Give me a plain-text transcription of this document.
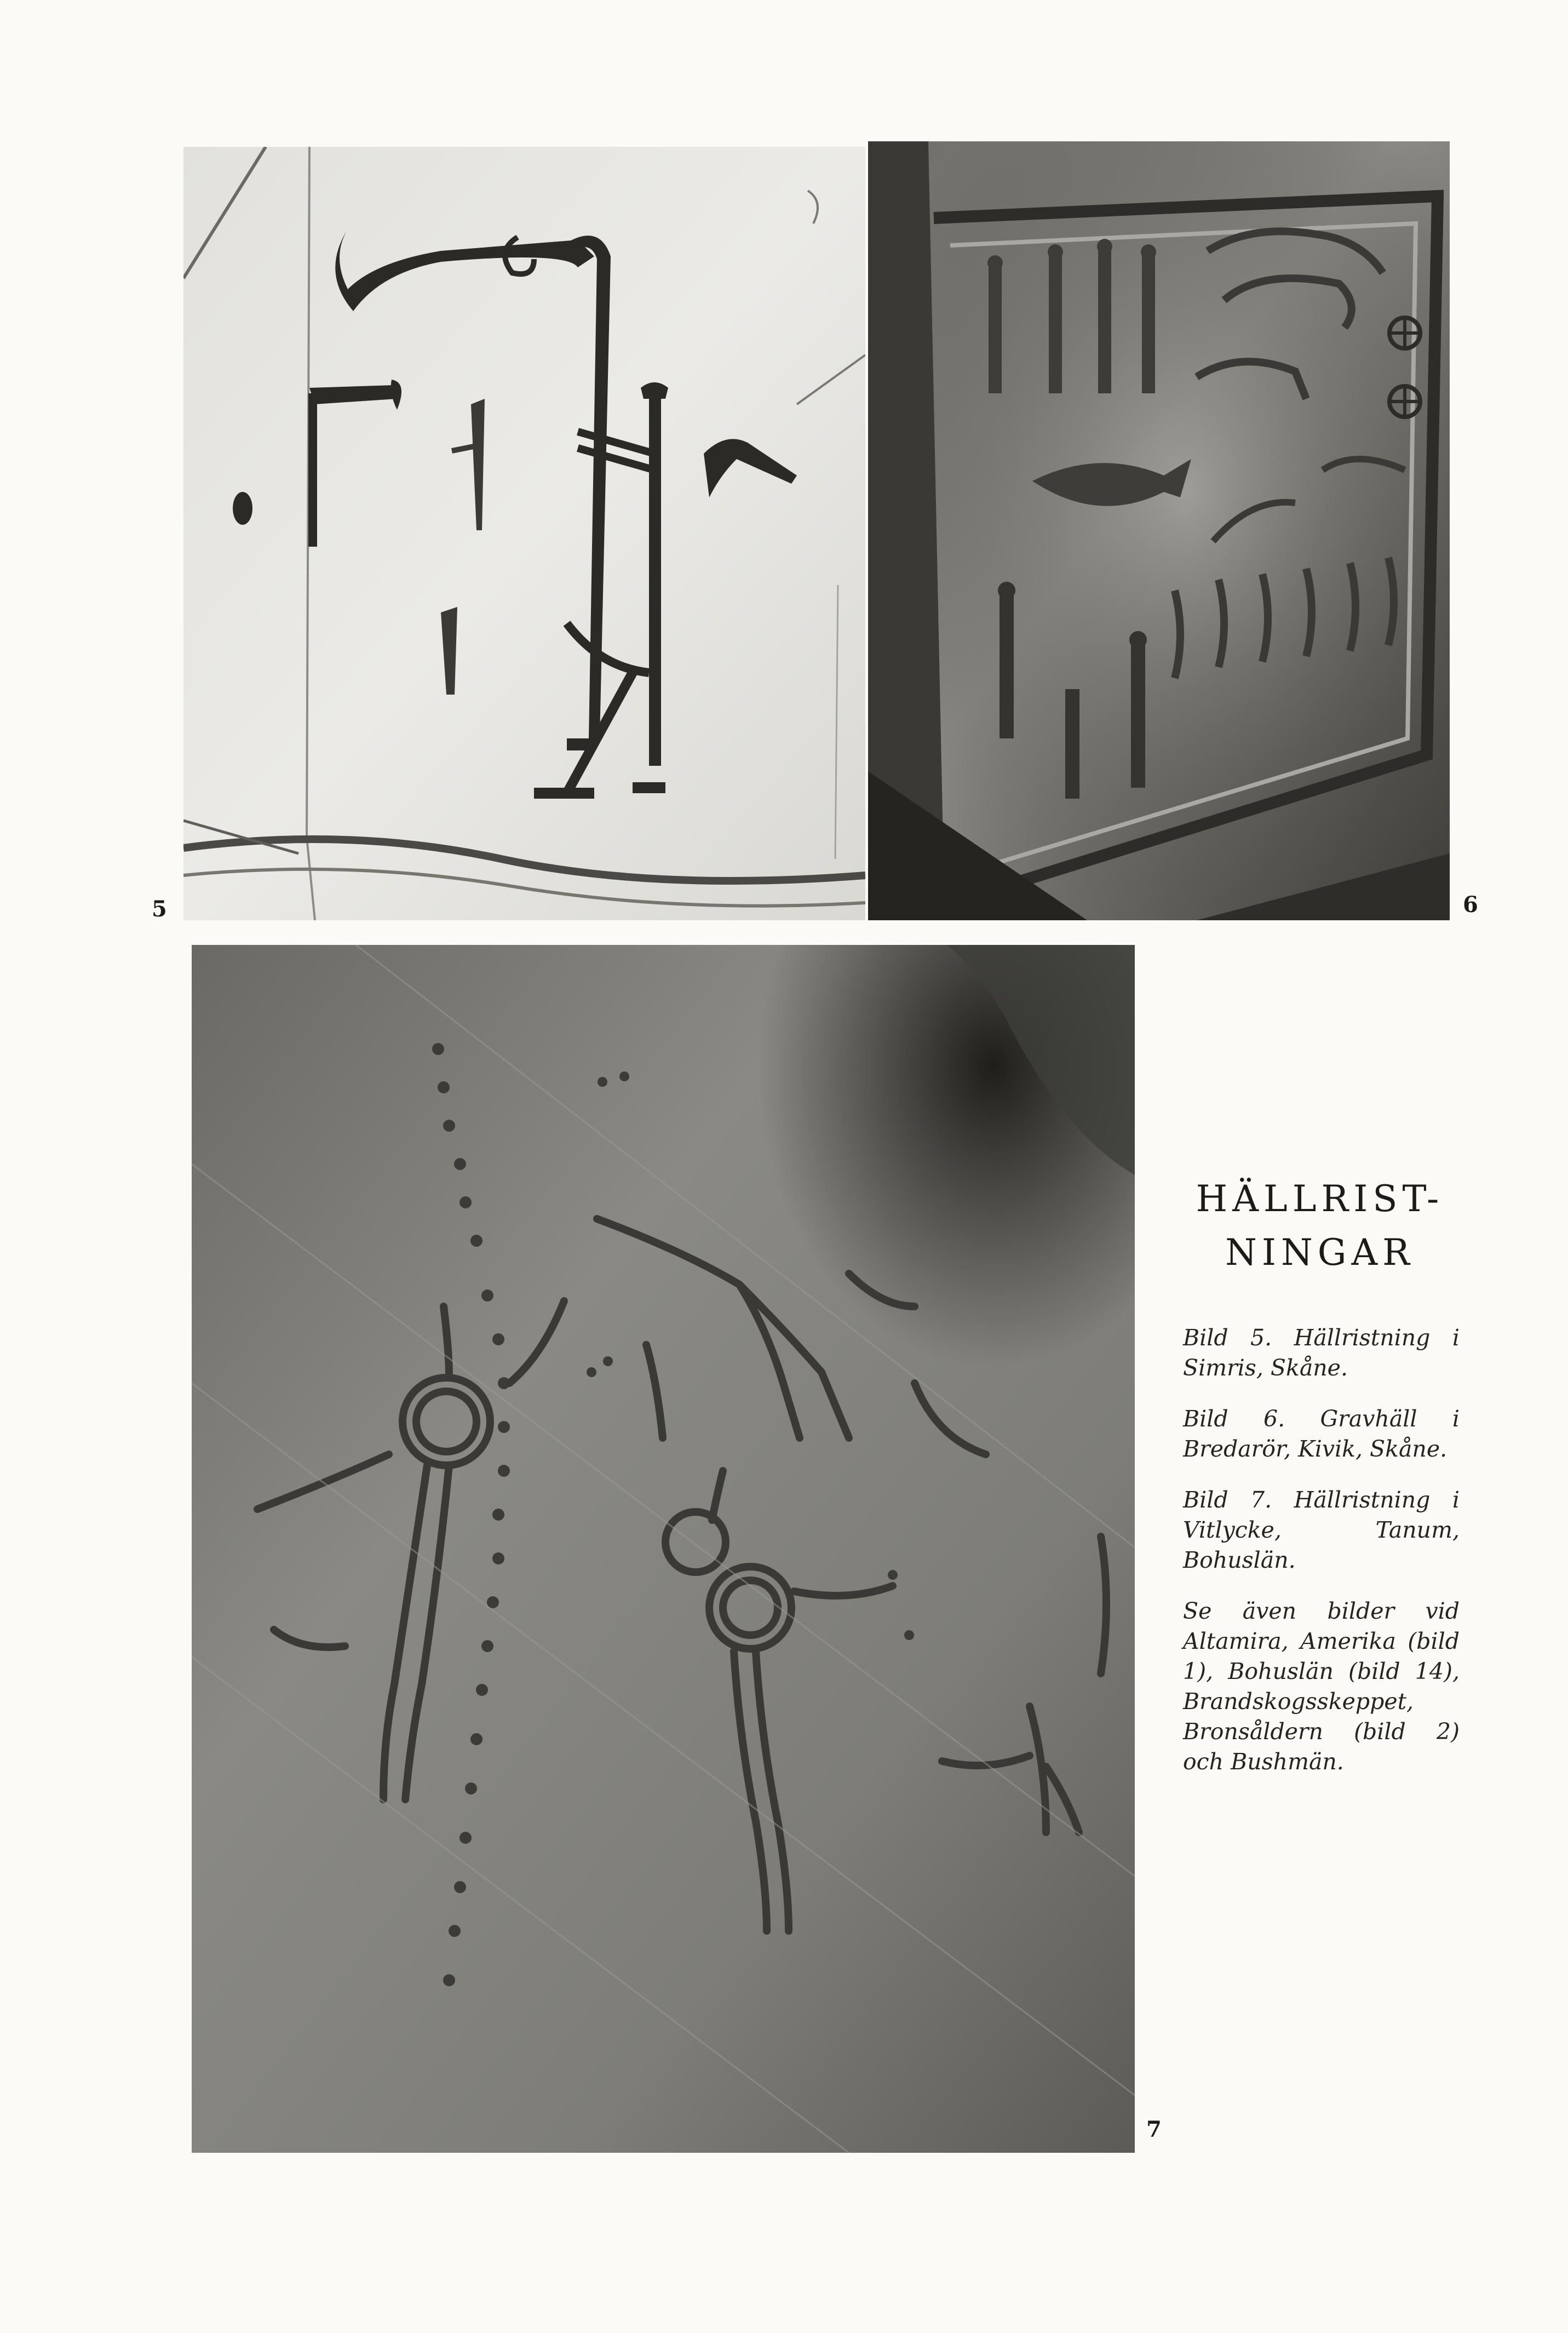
5	6
7
HÄLLRIST-
NINGAR

Bild 5. Hällristning i Simris, Skåne.

Bild 6. Gravhäll i Bredarör, Kivik, Skåne.

Bild 7. Hällristning i Vitlycke, Tanum, Bohuslän.

Se även bilder vid Altamira, Amerika (bild 1), Bohuslän (bild 14), Brandskogsskeppet, Bronsåldern (bild 2) och Bushmän.
